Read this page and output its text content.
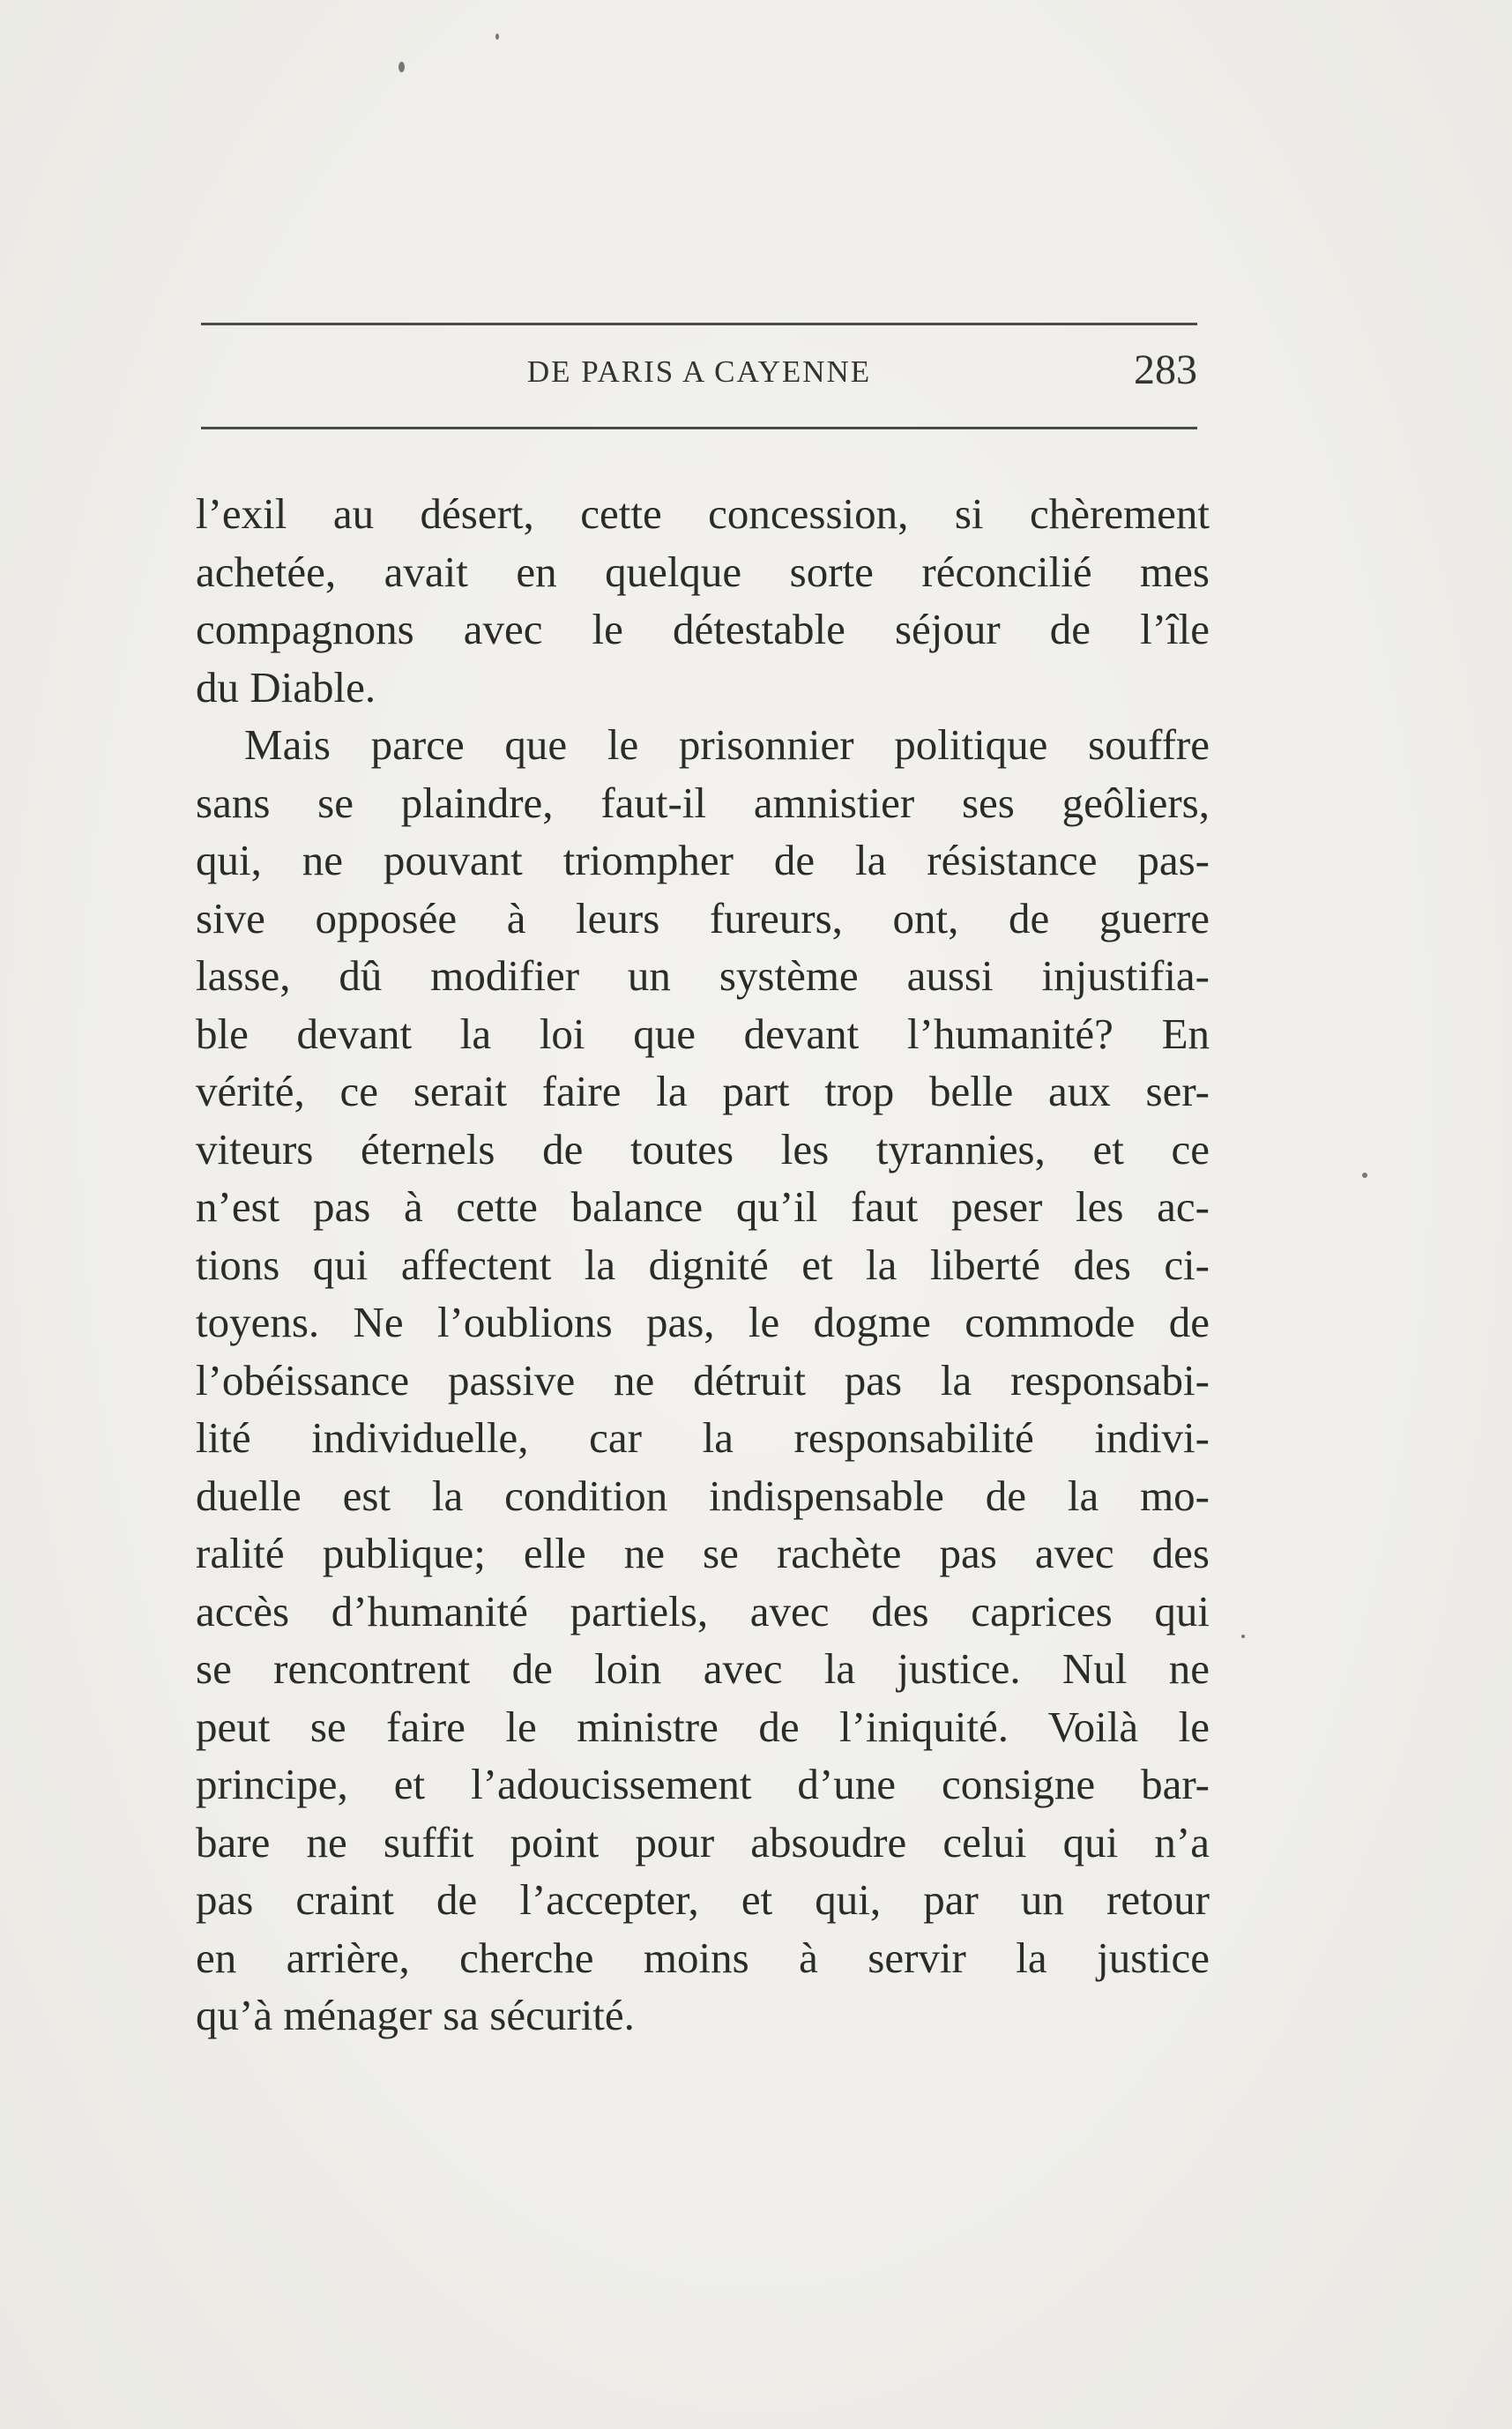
DE PARIS A CAYENNE	283
l’exil au désert, cette concession, si chèrement
achetée, avait en quelque sorte réconcilié mes
compagnons avec le détestable séjour de l’île
du Diable.
Mais parce que le prisonnier politique souffre
sans se plaindre, faut-il amnistier ses geôliers,
qui, ne pouvant triompher de la résistance pas-
sive opposée à leurs fureurs, ont, de guerre
lasse, dû modifier un système aussi injustifia-
ble devant la loi que devant l’humanité? En
vérité, ce serait faire la part trop belle aux ser-
viteurs éternels de toutes les tyrannies, et ce
n’est pas à cette balance qu’il faut peser les ac-
tions qui affectent la dignité et la liberté des ci-
toyens. Ne l’oublions pas, le dogme commode de
l’obéissance passive ne détruit pas la responsabi-
lité individuelle, car la responsabilité indivi-
duelle est la condition indispensable de la mo-
ralité publique; elle ne se rachète pas avec des
accès d’humanité partiels, avec des caprices qui
se rencontrent de loin avec la justice. Nul ne
peut se faire le ministre de l’iniquité. Voilà le
principe, et l’adoucissement d’une consigne bar-
bare ne suffit point pour absoudre celui qui n’a
pas craint de l’accepter, et qui, par un retour
en arrière, cherche moins à servir la justice
qu’à ménager sa sécurité.
